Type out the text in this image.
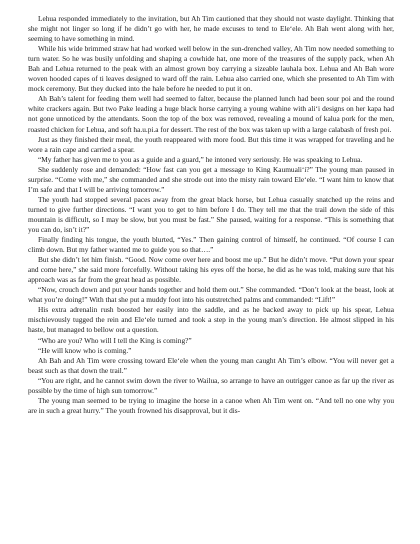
Lehua responded immediately to the invitation, but Ah Tim cautioned that they should not waste daylight. Thinking that she might not linger so long if he didn’t go with her, he made excuses to tend to Ele‘ele. Ah Bah went along with her, seeming to have something in mind.

While his wide brimmed straw hat had worked well below in the sun-drenched valley, Ah Tim now needed something to turn water. So he was busily unfolding and shaping a cowhide hat, one more of the treasures of the supply pack, when Ah Bah and Lehua returned to the peak with an almost grown boy carrying a sizeable lauhala box. Lehua and Ah Bah wore woven hooded capes of ti leaves designed to ward off the rain. Lehua also carried one, which she presented to Ah Tim with mock ceremony. But they ducked into the hale before he needed to put it on.

Ah Bah’s talent for feeding them well had seemed to falter, because the planned lunch had been sour poi and the round white crackers again. But two Pake leading a huge black horse carrying a young wahine with ali‘i designs on her kapa had not gone unnoticed by the attendants. Soon the top of the box was removed, revealing a mound of kalua pork for the men, roasted chicken for Lehua, and soft ha.u.pi.a for dessert. The rest of the box was taken up with a large calabash of fresh poi.

Just as they finished their meal, the youth reappeared with more food. But this time it was wrapped for traveling and he wore a rain cape and carried a spear.

“My father has given me to you as a guide and a guard,” he intoned very seriously. He was speaking to Lehua.

She suddenly rose and demanded: “How fast can you get a message to King Kaumuali‘i?” The young man paused in surprise. “Come with me,” she commanded and she strode out into the misty rain toward Ele‘ele. “I want him to know that I’m safe and that I will be arriving tomorrow.”

The youth had stopped several paces away from the great black horse, but Lehua casually snatched up the reins and turned to give further directions. “I want you to get to him before I do. They tell me that the trail down the side of this mountain is difficult, so I may be slow, but you must be fast.” She paused, waiting for a response. “This is something that you can do, isn’t it?”

Finally finding his tongue, the youth blurted, “Yes.” Then gaining control of himself, he continued. “Of course I can climb down. But my father wanted me to guide you so that….”

But she didn’t let him finish. “Good. Now come over here and boost me up.” But he didn’t move. “Put down your spear and come here,” she said more forcefully. Without taking his eyes off the horse, he did as he was told, making sure that his approach was as far from the great head as possible.

“Now, crouch down and put your hands together and hold them out.” She commanded. “Don’t look at the beast, look at what you’re doing!” With that she put a muddy foot into his outstretched palms and commanded: “Lift!”

His extra adrenalin rush boosted her easily into the saddle, and as he backed away to pick up his spear, Lehua mischievously tugged the rein and Ele‘ele turned and took a step in the young man’s direction. He almost slipped in his haste, but managed to bellow out a question.

“Who are you? Who will I tell the King is coming?”

“He will know who is coming.”

Ah Bah and Ah Tim were crossing toward Ele‘ele when the young man caught Ah Tim’s elbow. “You will never get a beast such as that down the trail.”

“You are right, and he cannot swim down the river to Wailua, so arrange to have an outrigger canoe as far up the river as possible by the time of high sun tomorrow.”

The young man seemed to be trying to imagine the horse in a canoe when Ah Tim went on. “And tell no one why you are in such a great hurry.” The youth frowned his disapproval, but it dis-
